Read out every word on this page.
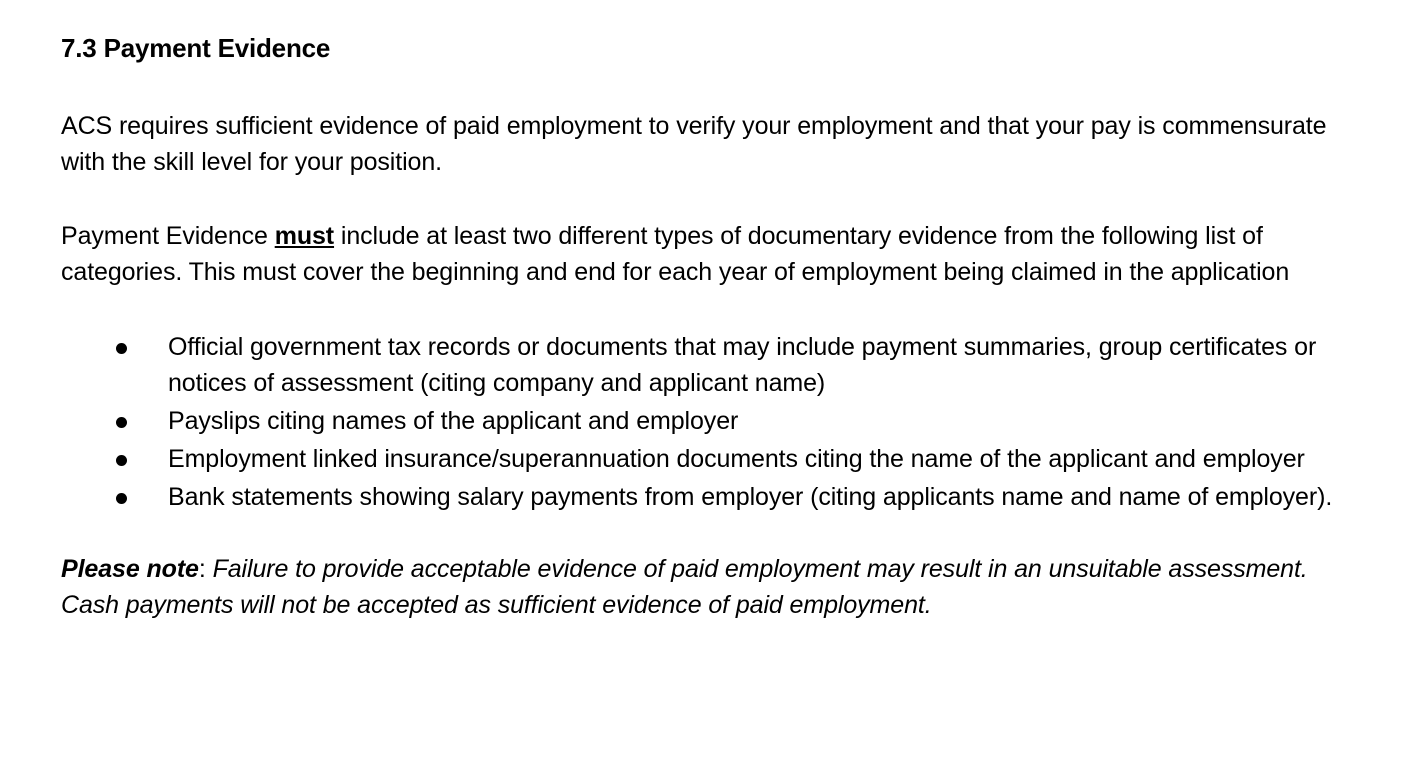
7.3 Payment Evidence

ACS requires sufficient evidence of paid employment to verify your employment and that your pay is commensurate with the skill level for your position.

Payment Evidence must include at least two different types of documentary evidence from the following list of categories. This must cover the beginning and end for each year of employment being claimed in the application

Official government tax records or documents that may include payment summaries, group certificates or notices of assessment (citing company and applicant name)
Payslips citing names of the applicant and employer
Employment linked insurance/superannuation documents citing the name of the applicant and employer
Bank statements showing salary payments from employer (citing applicants name and name of employer).

Please note: Failure to provide acceptable evidence of paid employment may result in an unsuitable assessment. Cash payments will not be accepted as sufficient evidence of paid employment.
